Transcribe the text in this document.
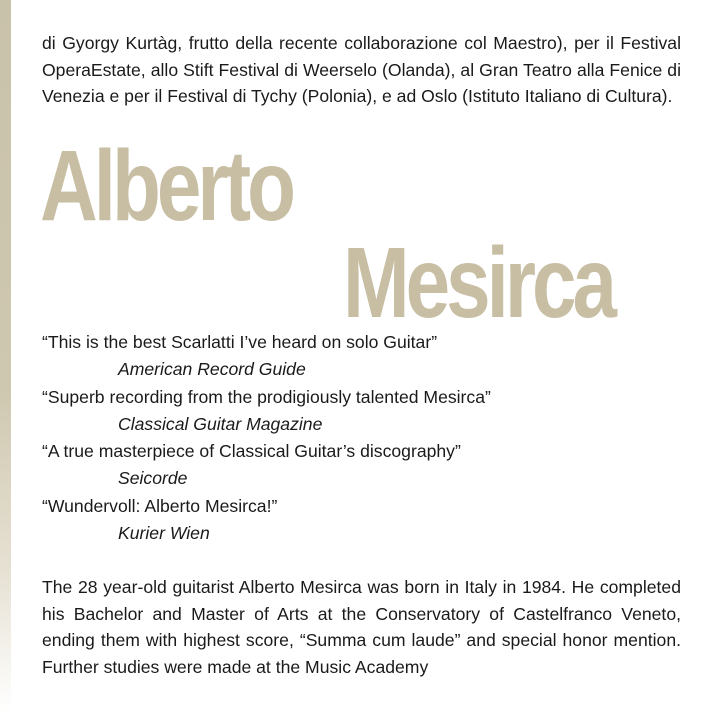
di Gyorgy Kurtàg, frutto della recente collaborazione col Maestro), per il Festival OperaEstate, allo Stift Festival di Weerselo (Olanda), al Gran Teatro alla Fenice di Venezia e per il Festival di Tychy (Polonia), e ad Oslo (Istituto Italiano di Cultura).

Alberto
Mesirca
“This is the best Scarlatti I’ve heard on solo Guitar”
American Record Guide
“Superb recording from the prodigiously talented Mesirca”
Classical Guitar Magazine
“A true masterpiece of Classical Guitar’s discography”
Seicorde
“Wundervoll: Alberto Mesirca!”
Kurier Wien

The 28 year-old guitarist Alberto Mesirca was born in Italy in 1984. He completed his Bachelor and Master of Arts at the Conservatory of Castelfranco Veneto, ending them with highest score, “Summa cum laude” and special honor mention. Further studies were made at the Music Academy
